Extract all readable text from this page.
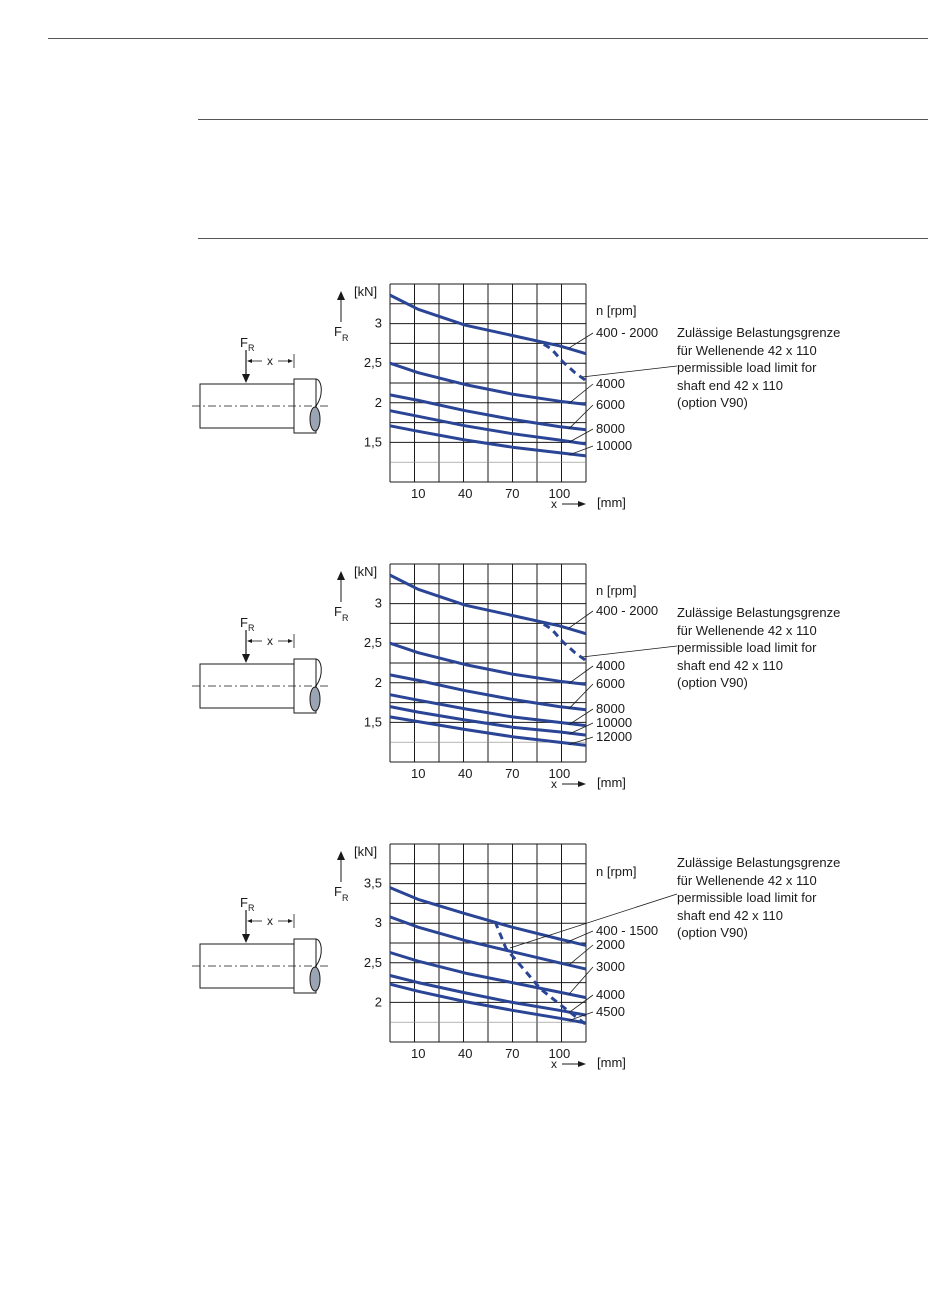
1,5
2
2,5
3
10	40	70 100
[kN]
F R
x	[mm]
n [rpm]
400 - 2000
4000
6000
8000
10000
F R
x
Zulässige Belastungsgrenze
für Wellenende 42 x 110
permissible load limit for
shaft end 42 x 110
(option V90)
1,5
2
2,5
3
10	40	70 100
[kN]
F R
x	[mm]
n [rpm]
400 - 2000
4000
6000
8000
10000
12000
F R
x
Zulässige Belastungsgrenze
für Wellenende 42 x 110
permissible load limit for
shaft end 42 x 110
(option V90)
2
2,5
3
3,5
10	40	70 100
[kN]
F R
x	[mm]
n [rpm]
400 - 1500
2000
3000
4000
4500
F R
x
Zulässige Belastungsgrenze
für Wellenende 42 x 110
permissible load limit for
shaft end 42 x 110
(option V90)
